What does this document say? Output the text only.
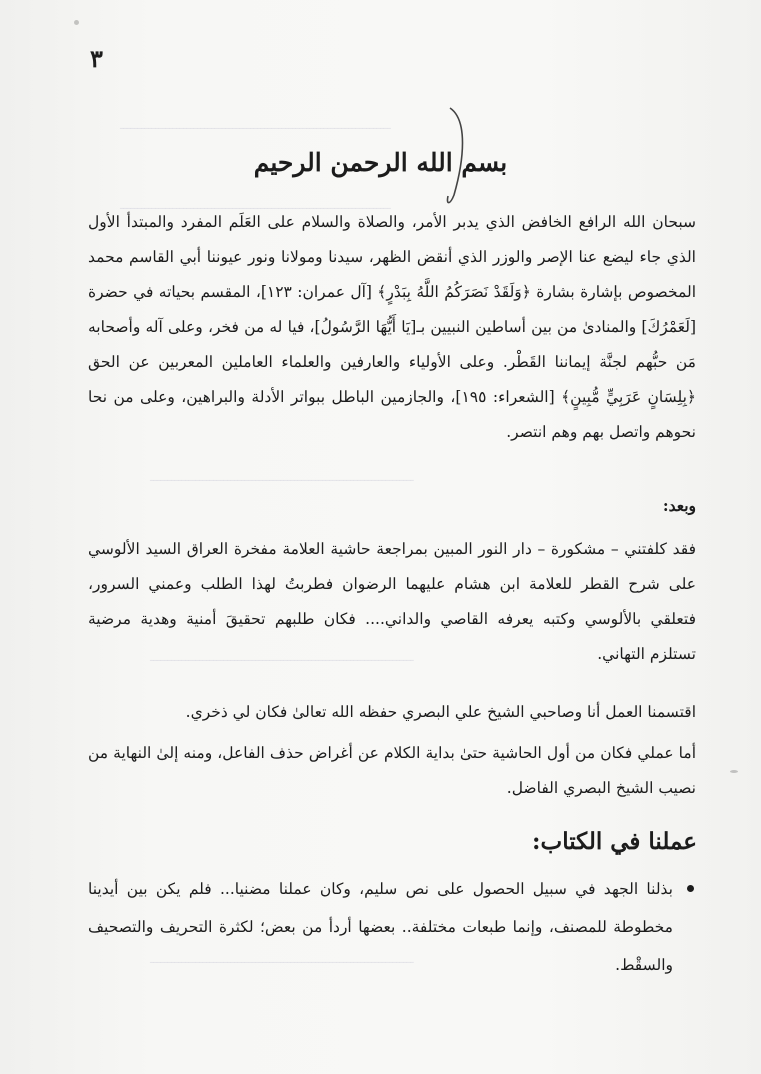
ـــــــــــــــــــــــــــــــــــــــــــــــــــــــــــــــــــــــــــــ
ـــــــــــــــــــــــــــــــــــــــــــــــــــــــــــــــــــــــــــــ
ـــــــــــــــــــــــــــــــــــــــــــــــــــــــــــــــــــــــــــ
ـــــــــــــــــــــــــــــــــــــــــــــــــــــــــــــــــــــــــــ
ـــــــــــــــــــــــــــــــــــــــــــــــــــــــــــــــــــــــــــ
٣
بسم الله الرحمن الرحيم
سبحان الله الرافع الخافض الذي يدبر الأمر، والصلاة والسلام على العَلَم المفرد والمبتدأ الأول الذي جاء ليضع عنا الإصر والوزر الذي أنقض الظهر، سيدنا ومولانا ونور عيوننا أبي القاسم محمد المخصوص بإشارة بشارة ﴿وَلَقَدْ نَصَرَكُمُ اللَّهُ بِبَدْرٍ﴾ [آل عمران: ١٢٣]، المقسم بحياته في حضرة [لَعَمْرُكَ] والمنادىٰ من بين أساطين النبيين بـ[يَا أَيُّهَا الرَّسُولُ]، فيا له من فخر، وعلى آله وأصحابه مَن حبُّهم لجنَّة إيماننا القَطْر. وعلى الأولياء والعارفين والعلماء العاملين المعربين عن الحق ﴿بِلِسَانٍ عَرَبِيٍّ مُّبِينٍ﴾ [الشعراء: ١٩٥]، والجازمين الباطل ببواتر الأدلة والبراهين، وعلى من نحا نحوهم واتصل بهم وهم انتصر.
وبعد:
فقد كلفتني – مشكورة – دار النور المبين بمراجعة حاشية العلامة مفخرة العراق السيد الألوسي على شرح القطر للعلامة ابن هشام عليهما الرضوان فطربتُ لهذا الطلب وعمني السرور، فتعلقي بالألوسي وكتبه يعرفه القاصي والداني.... فكان طلبهم تحقيقَ أمنية وهدية مرضية تستلزم التهاني.
اقتسمنا العمل أنا وصاحبي الشيخ علي البصري حفظه الله تعالىٰ فكان لي ذخري.
أما عملي فكان من أول الحاشية حتىٰ بداية الكلام عن أغراض حذف الفاعل، ومنه إلىٰ النهاية من نصيب الشيخ البصري الفاضل.
عملنا في الكتاب:
بذلنا الجهد في سبيل الحصول على نص سليم، وكان عملنا مضنيا... فلم يكن بين أيدينا مخطوطة للمصنف، وإنما طبعات مختلفة.. بعضها أردأ من بعض؛ لكثرة التحريف والتصحيف والسقْط.
